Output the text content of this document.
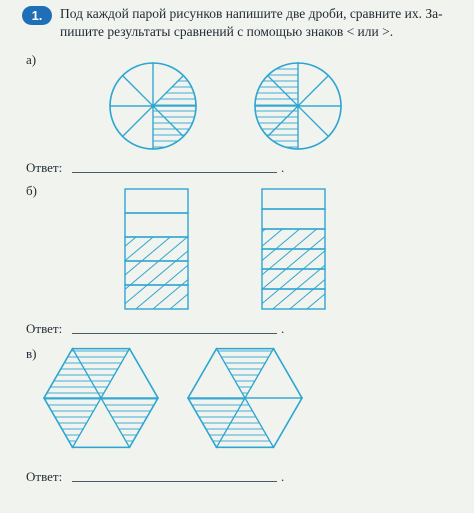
1.	Под каждой парой рисунков напишите две дроби, сравните их. За-
пишите результаты сравнений с помощью знаков < или >.
а)
Ответ:	.
б)
Ответ:	.
в)
Ответ:	.
